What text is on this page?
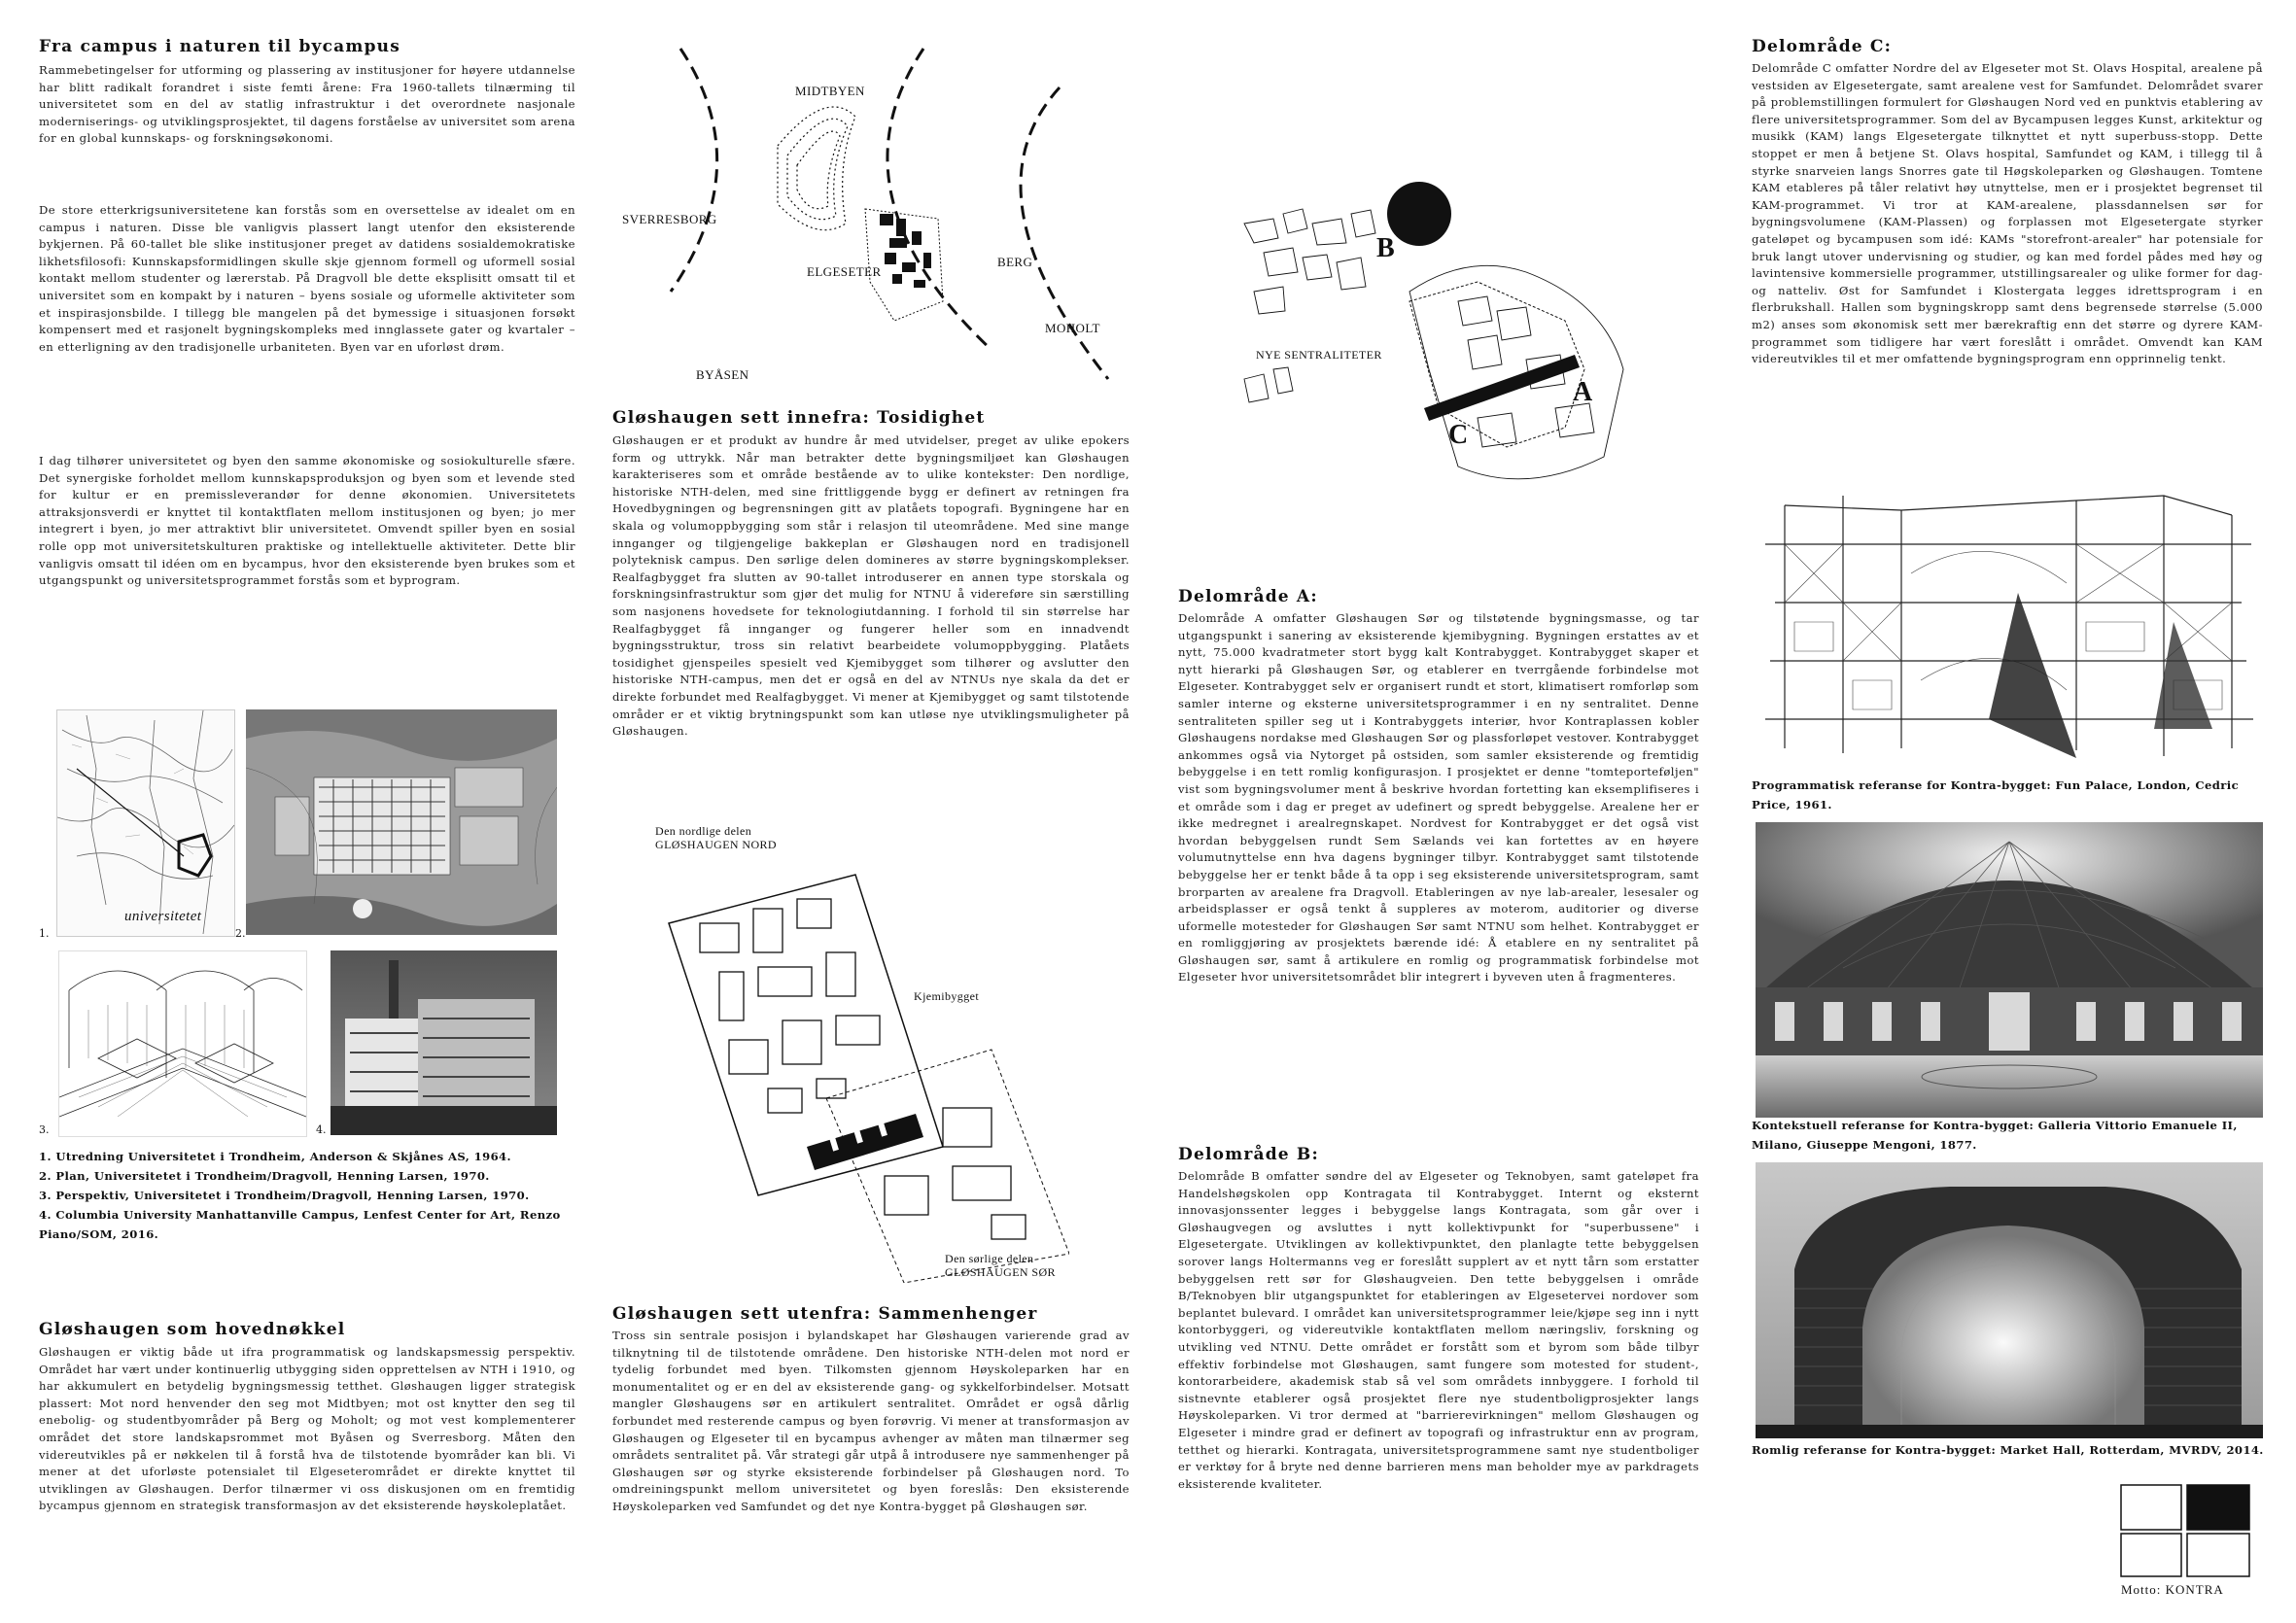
Fra campus i naturen til bycampus

Rammebetingelser for utforming og plassering av institusjoner for høyere utdannelse har blitt radikalt forandret i siste femti årene: Fra 1960-tallets tilnærming til universitetet som en del av statlig infrastruktur i det overordnete nasjonale moderniserings- og utviklingsprosjektet, til dagens forståelse av universitet som arena for en global kunnskaps- og forskningsøkonomi.

De store etterkrigsuniversitetene kan forstås som en oversettelse av idealet om en campus i naturen. Disse ble vanligvis plassert langt utenfor den eksisterende bykjernen. På 60-tallet ble slike institusjoner preget av datidens sosialdemokratiske likhetsfilosofi: Kunnskapsformidlingen skulle skje gjennom formell og uformell sosial kontakt mellom studenter og lærerstab. På Dragvoll ble dette eksplisitt omsatt til et universitet som en kompakt by i naturen – byens sosiale og uformelle aktiviteter som et inspirasjonsbilde. I tillegg ble mangelen på det bymessige i situasjonen forsøkt kompensert med et rasjonelt bygningskompleks med innglassete gater og kvartaler – en etterligning av den tradisjonelle urbaniteten. Byen var en uforløst drøm.

I dag tilhører universitetet og byen den samme økonomiske og sosiokulturelle sfære. Det synergiske forholdet mellom kunnskapsproduksjon og byen som et levende sted for kultur er en premissleverandør for denne økonomien. Universitetets attraksjonsverdi er knyttet til kontaktflaten mellom institusjonen og byen; jo mer integrert i byen, jo mer attraktivt blir universitetet. Omvendt spiller byen en sosial rolle opp mot universitetskulturen praktiske og intellektuelle aktiviteter. Dette blir vanligvis omsatt til idéen om en bycampus, hvor den eksisterende byen brukes som et utgangspunkt og universitetsprogrammet forstås som et byprogram.

universitetet
1.	2.
3.	4.
1. Utredning Universitetet i Trondheim, Anderson & Skjånes AS, 1964.
2. Plan, Universitetet i Trondheim/Dragvoll, Henning Larsen, 1970.
3. Perspektiv, Universitetet i Trondheim/Dragvoll, Henning Larsen, 1970.
4. Columbia University Manhattanville Campus, Lenfest Center for Art, Renzo Piano/SOM, 2016.
Gløshaugen som hovednøkkel

Gløshaugen er viktig både ut ifra programmatisk og landskapsmessig perspektiv. Området har vært under kontinuerlig utbygging siden opprettelsen av NTH i 1910, og har akkumulert en betydelig bygningsmessig tetthet. Gløshaugen ligger strategisk plassert: Mot nord henvender den seg mot Midtbyen; mot ost knytter den seg til enebolig- og studentbyområder på Berg og Moholt; og mot vest komplementerer området det store landskapsrommet mot Byåsen og Sverresborg. Måten den videreutvikles på er nøkkelen til å forstå hva de tilstotende byområder kan bli. Vi mener at det uforløste potensialet til Elgeseterområdet er direkte knyttet til utviklingen av Gløshaugen. Derfor tilnærmer vi oss diskusjonen om en fremtidig bycampus gjennom en strategisk transformasjon av det eksisterende høyskoleplatået.

MIDTBYEN
SVERRESBORG
ELGESETER
BERG
MOHOLT
BYÅSEN
Gløshaugen sett innefra: Tosidighet

Gløshaugen er et produkt av hundre år med utvidelser, preget av ulike epokers form og uttrykk. Når man betrakter dette bygningsmiljøet kan Gløshaugen karakteriseres som et område bestående av to ulike kontekster: Den nordlige, historiske NTH-delen, med sine frittliggende bygg er definert av retningen fra Hovedbygningen og begrensningen gitt av platåets topografi. Bygningene har en skala og volumoppbygging som står i relasjon til uteområdene. Med sine mange innganger og tilgjengelige bakkeplan er Gløshaugen nord en tradisjonell polyteknisk campus. Den sørlige delen domineres av større bygningskomplekser. Realfagbygget fra slutten av 90-tallet introduserer en annen type storskala og forskningsinfrastruktur som gjør det mulig for NTNU å videreføre sin særstilling som nasjonens hovedsete for teknologiutdanning. I forhold til sin størrelse har Realfagbygget få innganger og fungerer heller som en innadvendt bygningsstruktur, tross sin relativt bearbeidete volumoppbygging. Platåets tosidighet gjenspeiles spesielt ved Kjemibygget som tilhører og avslutter den historiske NTH-campus, men det er også en del av NTNUs nye skala da det er direkte forbundet med Realfagbygget. Vi mener at Kjemibygget og samt tilstotende områder er et viktig brytningspunkt som kan utløse nye utviklingsmuligheter på Gløshaugen.

Den nordlige delen
GLØSHAUGEN NORD
Kjemibygget
Den sørlige delen
GLØSHAUGEN SØR
Gløshaugen sett utenfra: Sammenhenger

Tross sin sentrale posisjon i bylandskapet har Gløshaugen varierende grad av tilknytning til de tilstotende områdene. Den historiske NTH-delen mot nord er tydelig forbundet med byen. Tilkomsten gjennom Høyskoleparken har en monumentalitet og er en del av eksisterende gang- og sykkelforbindelser. Motsatt mangler Gløshaugens sør en artikulert sentralitet. Området er også dårlig forbundet med resterende campus og byen forøvrig. Vi mener at transformasjon av Gløshaugen og Elgeseter til en bycampus avhenger av måten man tilnærmer seg områdets sentralitet på. Vår strategi går utpå å introdusere nye sammenhenger på Gløshaugen sør og styrke eksisterende forbindelser på Gløshaugen nord. To omdreiningspunkt mellom universitetet og byen foreslås: Den eksisterende Høyskoleparken ved Samfundet og det nye Kontra-bygget på Gløshaugen sør.

B
A
C
NYE SENTRALITETER
Delområde A:

Delområde A omfatter Gløshaugen Sør og tilstøtende bygningsmasse, og tar utgangspunkt i sanering av eksisterende kjemibygning. Bygningen erstattes av et nytt, 75.000 kvadratmeter stort bygg kalt Kontrabygget. Kontrabygget skaper et nytt hierarki på Gløshaugen Sør, og etablerer en tverrgående forbindelse mot Elgeseter. Kontrabygget selv er organisert rundt et stort, klimatisert romforløp som samler interne og eksterne universitetsprogrammer i en ny sentralitet. Denne sentraliteten spiller seg ut i Kontrabyggets interiør, hvor Kontraplassen kobler Gløshaugens nordakse med Gløshaugen Sør og plassforløpet vestover. Kontrabygget ankommes også via Nytorget på ostsiden, som samler eksisterende og fremtidig bebyggelse i en tett romlig konfigurasjon. I prosjektet er denne "tomteporteføljen" vist som bygningsvolumer ment å beskrive hvordan fortetting kan eksemplifiseres i et område som i dag er preget av udefinert og spredt bebyggelse. Arealene her er ikke medregnet i arealregnskapet. Nordvest for Kontrabygget er det også vist hvordan bebyggelsen rundt Sem Sælands vei kan fortettes av en høyere volumutnyttelse enn hva dagens bygninger tilbyr. Kontrabygget samt tilstotende bebyggelse her er tenkt både å ta opp i seg eksisterende universitetsprogram, samt brorparten av arealene fra Dragvoll. Etableringen av nye lab-arealer, lesesaler og arbeidsplasser er også tenkt å suppleres av moterom, auditorier og diverse uformelle motesteder for Gløshaugen Sør samt NTNU som helhet. Kontrabygget er en romliggjøring av prosjektets bærende idé: Å etablere en ny sentralitet på Gløshaugen sør, samt å artikulere en romlig og programmatisk forbindelse mot Elgeseter hvor universitetsområdet blir integrert i byveven uten å fragmenteres.

Delområde B:

Delområde B omfatter søndre del av Elgeseter og Teknobyen, samt gateløpet fra Handelshøgskolen opp Kontragata til Kontrabygget. Internt og eksternt innovasjonssenter legges i bebyggelse langs Kontragata, som går over i Gløshaugvegen og avsluttes i nytt kollektivpunkt for "superbussene" i Elgesetergate. Utviklingen av kollektivpunktet, den planlagte tette bebyggelsen sorover langs Holtermanns veg er foreslått supplert av et nytt tårn som erstatter bebyggelsen rett sør for Gløshaugveien. Den tette bebyggelsen i område B/Teknobyen blir utgangspunktet for etableringen av Elgesetervei nordover som beplantet bulevard. I området kan universitetsprogrammer leie/kjøpe seg inn i nytt kontorbyggeri, og videreutvikle kontaktflaten mellom næringsliv, forskning og utvikling ved NTNU. Dette området er forstått som et byrom som både tilbyr effektiv forbindelse mot Gløshaugen, samt fungere som motested for student-, kontorarbeidere, akademisk stab så vel som områdets innbyggere. I forhold til sistnevnte etablerer også prosjektet flere nye studentboligprosjekter langs Høyskoleparken. Vi tror dermed at "barrierevirkningen" mellom Gløshaugen og Elgeseter i mindre grad er definert av topografi og infrastruktur enn av program, tetthet og hierarki. Kontragata, universitetsprogrammene samt nye studentboliger er verktøy for å bryte ned denne barrieren mens man beholder mye av parkdragets eksisterende kvaliteter.

Delområde C:

Delområde C omfatter Nordre del av Elgeseter mot St. Olavs Hospital, arealene på vestsiden av Elgesetergate, samt arealene vest for Samfundet. Delområdet svarer på problemstillingen formulert for Gløshaugen Nord ved en punktvis etablering av flere universitetsprogrammer. Som del av Bycampusen legges Kunst, arkitektur og musikk (KAM) langs Elgesetergate tilknyttet et nytt superbuss-stopp. Dette stoppet er men å betjene St. Olavs hospital, Samfundet og KAM, i tillegg til å styrke snarveien langs Snorres gate til Høgskoleparken og Gløshaugen. Tomtene KAM etableres på tåler relativt høy utnyttelse, men er i prosjektet begrenset til KAM-programmet. Vi tror at KAM-arealene, plassdannelsen sør for bygningsvolumene (KAM-Plassen) og forplassen mot Elgesetergate styrker gateløpet og bycampusen som idé: KAMs "storefront-arealer" har potensiale for bruk langt utover undervisning og studier, og kan med fordel pådes med høy og lavintensive kommersielle programmer, utstillingsarealer og ulike former for dag- og natteliv. Øst for Samfundet i Klostergata legges idrettsprogram i en flerbrukshall. Hallen som bygningskropp samt dens begrensede størrelse (5.000 m2) anses som økonomisk sett mer bærekraftig enn det større og dyrere KAM-programmet som tidligere har vært foreslått i området. Omvendt kan KAM videreutvikles til et mer omfattende bygningsprogram enn opprinnelig tenkt.

Programmatisk referanse for Kontra-bygget: Fun Palace, London, Cedric Price, 1961.
Kontekstuell referanse for Kontra-bygget: Galleria Vittorio Emanuele II, Milano, Giuseppe Mengoni, 1877.
Romlig referanse for Kontra-bygget: Market Hall, Rotterdam, MVRDV, 2014.
Motto: KONTRA
